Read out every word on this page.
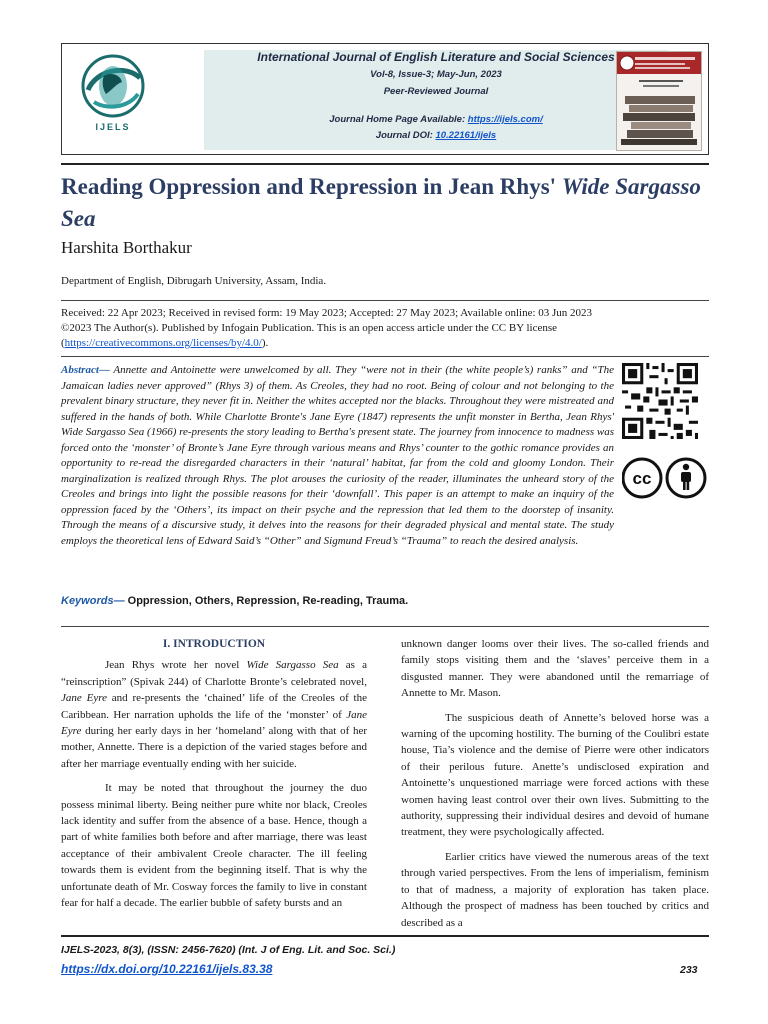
International Journal of English Literature and Social Sciences
Vol-8, Issue-3; May-Jun, 2023
Peer-Reviewed Journal
Journal Home Page Available: https://ijels.com/
Journal DOI: 10.22161/ijels
IJELS
Reading Oppression and Repression in Jean Rhys' Wide Sargasso Sea
Harshita Borthakur
Department of English, Dibrugarh University, Assam, India.
Received: 22 Apr 2023; Received in revised form: 19 May 2023; Accepted: 27 May 2023; Available online: 03 Jun 2023
©2023 The Author(s). Published by Infogain Publication. This is an open access article under the CC BY license
(https://creativecommons.org/licenses/by/4.0/).
Abstract— Annette and Antoinette were unwelcomed by all. They “were not in their (the white people’s) ranks” and “The Jamaican ladies never approved” (Rhys 3) of them. As Creoles, they had no root. Being of colour and not belonging to the prevalent binary structure, they never fit in. Neither the whites accepted nor the blacks. Throughout they were mistreated and suffered in the hands of both. While Charlotte Bronte's Jane Eyre (1847) represents the unfit monster in Bertha, Jean Rhys' Wide Sargasso Sea (1966) re-presents the story leading to Bertha's present state. The journey from innocence to madness was forced onto the ‘monster’ of Bronte’s Jane Eyre through various means and Rhys’ counter to the gothic romance provides an opportunity to re-read the disregarded characters in their ‘natural’ habitat, far from the cold and gloomy London. Their marginalization is realized through Rhys. The plot arouses the curiosity of the reader, illuminates the unheard story of the Creoles and brings into light the possible reasons for their ‘downfall’. This paper is an attempt to make an inquiry of the oppression faced by the ‘Others’, its impact on their psyche and the repression that led them to the doorstep of insanity. Through the means of a discursive study, it delves into the reasons for their degraded physical and mental state. The study employs the theoretical lens of Edward Said’s “Other” and Sigmund Freud’s “Trauma” to reach the desired analysis.
cc
Keywords— Oppression, Others, Repression, Re-reading, Trauma.
I. INTRODUCTION

Jean Rhys wrote her novel Wide Sargasso Sea as a “reinscription” (Spivak 244) of Charlotte Bronte’s celebrated novel, Jane Eyre and re-presents the ‘chained’ life of the Creoles of the Caribbean. Her narration upholds the life of the ‘monster’ of Jane Eyre during her early days in her ‘homeland’ along with that of her mother, Annette. There is a depiction of the varied stages before and after her marriage eventually ending with her suicide.

It may be noted that throughout the journey the duo possess minimal liberty. Being neither pure white nor black, Creoles lack identity and suffer from the absence of a base. Hence, though a part of white families both before and after marriage, there was least acceptance of their ambivalent Creole character. The ill feeling towards them is evident from the beginning itself. That is why the unfortunate death of Mr. Cosway forces the family to live in constant fear for half a decade. The earlier bubble of safety bursts and an

unknown danger looms over their lives. The so-called friends and family stops visiting them and the ‘slaves’ perceive them in a disgusted manner. They were abandoned until the remarriage of Annette to Mr. Mason.

The suspicious death of Annette’s beloved horse was a warning of the upcoming hostility. The burning of the Coulibri estate house, Tia’s violence and the demise of Pierre were other indicators of their perilous future. Anette’s undisclosed expiration and Antoinette’s unquestioned marriage were forced actions with these women having least control over their own lives. Submitting to the authority, suppressing their individual desires and devoid of humane treatment, they were psychologically affected.

Earlier critics have viewed the numerous areas of the text through varied perspectives. From the lens of imperialism, feminism to that of madness, a majority of exploration has taken place. Although the prospect of madness has been touched by critics and described as a

IJELS-2023, 8(3), (ISSN: 2456-7620) (Int. J of Eng. Lit. and Soc. Sci.)
https://dx.doi.org/10.22161/ijels.83.38	233
